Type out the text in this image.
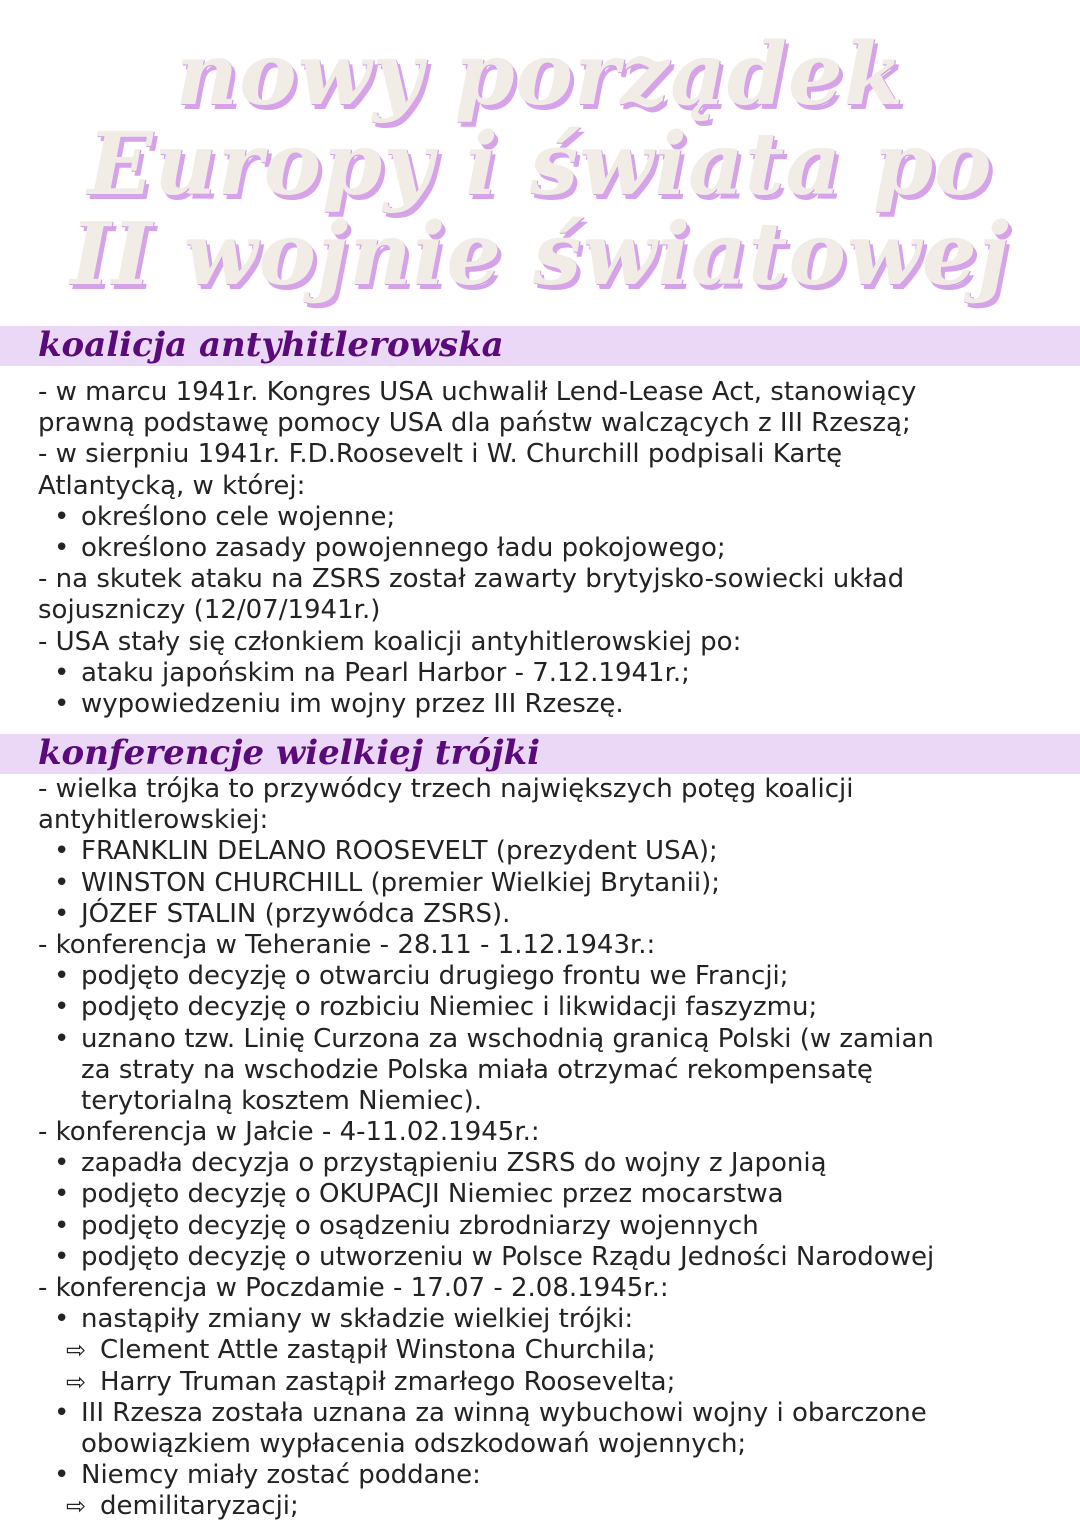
nowy porządek
Europy i świata po
II wojnie światowej
koalicja antyhitlerowska
- w marcu 1941r. Kongres USA uchwalił Lend-Lease Act, stanowiący
prawną podstawę pomocy USA dla państw walczących z III Rzeszą;
- w sierpniu 1941r. F.D.Roosevelt i W. Churchill podpisali Kartę
Atlantycką, w której:
• określono cele wojenne;
• określono zasady powojennego ładu pokojowego;
- na skutek ataku na ZSRS został zawarty brytyjsko-sowiecki układ
sojuszniczy (12/07/1941r.)
- USA stały się członkiem koalicji antyhitlerowskiej po:
• ataku japońskim na Pearl Harbor - 7.12.1941r.;
• wypowiedzeniu im wojny przez III Rzeszę.
konferencje wielkiej trójki
- wielka trójka to przywódcy trzech największych potęg koalicji
antyhitlerowskiej:
• FRANKLIN DELANO ROOSEVELT (prezydent USA);
• WINSTON CHURCHILL (premier Wielkiej Brytanii);
• JÓZEF STALIN (przywódca ZSRS).
- konferencja w Teheranie - 28.11 - 1.12.1943r.:
• podjęto decyzję o otwarciu drugiego frontu we Francji;
• podjęto decyzję o rozbiciu Niemiec i likwidacji faszyzmu;
• uznano tzw. Linię Curzona za wschodnią granicą Polski (w zamian
za straty na wschodzie Polska miała otrzymać rekompensatę
terytorialną kosztem Niemiec).
- konferencja w Jałcie - 4-11.02.1945r.:
• zapadła decyzja o przystąpieniu ZSRS do wojny z Japonią
• podjęto decyzję o OKUPACJI Niemiec przez mocarstwa
• podjęto decyzję o osądzeniu zbrodniarzy wojennych
• podjęto decyzję o utworzeniu w Polsce Rządu Jedności Narodowej
- konferencja w Poczdamie - 17.07 - 2.08.1945r.:
• nastąpiły zmiany w składzie wielkiej trójki:
⇨ Clement Attle zastąpił Winstona Churchila;
⇨ Harry Truman zastąpił zmarłego Roosevelta;
• III Rzesza została uznana za winną wybuchowi wojny i obarczone
obowiązkiem wypłacenia odszkodowań wojennych;
• Niemcy miały zostać poddane:
⇨ demilitaryzacji;
